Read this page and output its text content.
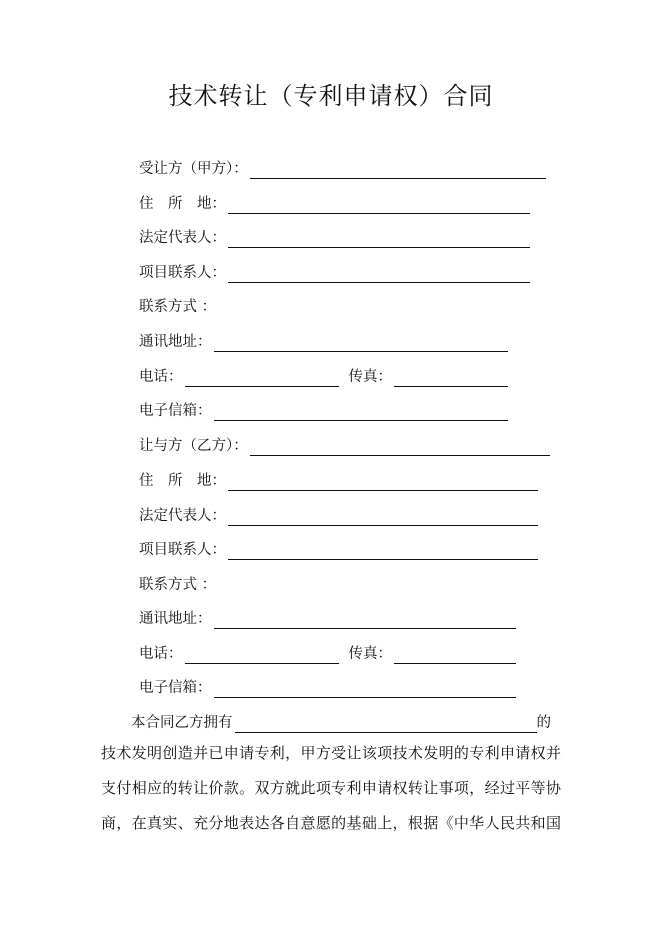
技术转让（专利申请权）合同
受让方（甲方）：
住　所　地：
法定代表人：
项目联系人：
联系方式 ：
通讯地址：
电话：	传真：
电子信箱：
让与方（乙方）：
住　所　地：
法定代表人：
项目联系人：
联系方式 ：
通讯地址：
电话：	传真：
电子信箱：
本合同乙方拥有	的
技术发明创造并已申请专利，甲方受让该项技术发明的专利申请权并
支付相应的转让价款。双方就此项专利申请权转让事项，经过平等协
商，在真实、充分地表达各自意愿的基础上，根据《中华人民共和国
